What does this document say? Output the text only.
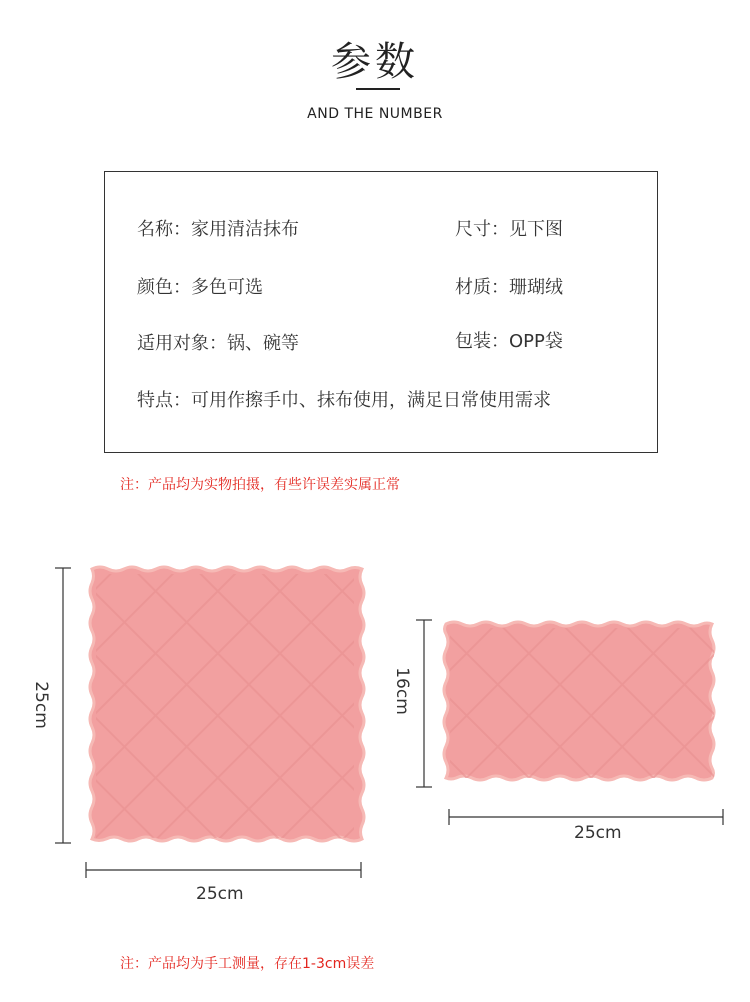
参数
AND THE NUMBER
名称：家用清洁抹布	尺寸：见下图
颜色：多色可选	材质：珊瑚绒
适用对象：锅、碗等	包装：OPP袋
特点：可用作擦手巾、抹布使用，满足日常使用需求
注：产品均为实物拍摄，有些许误差实属正常
25cm
25cm
16cm
25cm
注：产品均为手工测量，存在1-3cm误差
